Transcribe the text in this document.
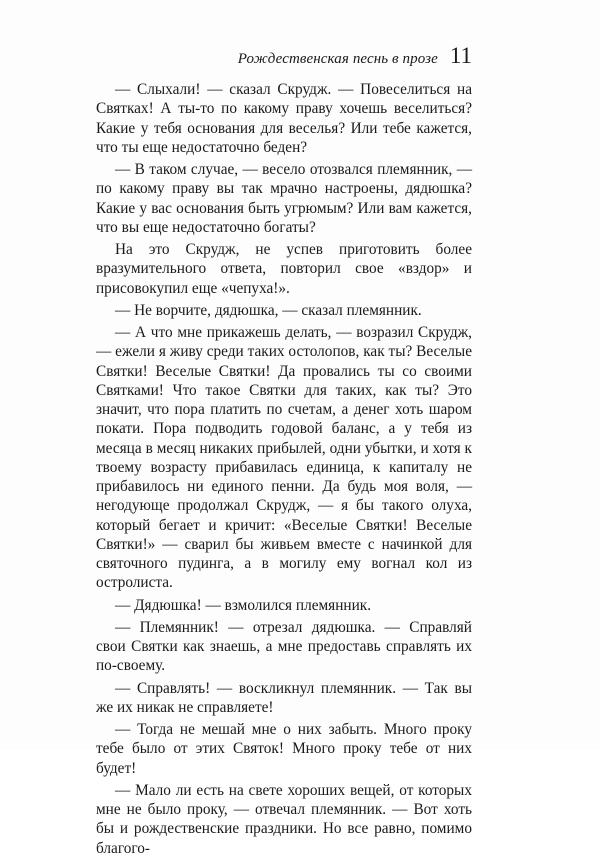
Рождественская песнь в прозе 11

— Слыхали! — сказал Скрудж. — Повеселиться на Святках! А ты-то по какому праву хочешь веселиться? Какие у тебя основания для веселья? Или тебе кажется, что ты еще недостаточно беден?

— В таком случае, — весело отозвался племянник, — по какому праву вы так мрачно настроены, дядюшка? Какие у вас основания быть угрюмым? Или вам кажется, что вы еще недостаточно богаты?

На это Скрудж, не успев приготовить более вразумительного ответа, повторил свое «вздор» и присовокупил еще «чепуха!».

— Не ворчите, дядюшка, — сказал племянник.

— А что мне прикажешь делать, — возразил Скрудж, — ежели я живу среди таких остолопов, как ты? Веселые Святки! Веселые Святки! Да провались ты со своими Святками! Что такое Святки для таких, как ты? Это значит, что пора платить по счетам, а денег хоть шаром покати. Пора подводить годовой баланс, а у тебя из месяца в месяц никаких прибылей, одни убытки, и хотя к твоему возрасту прибавилась единица, к капиталу не прибавилось ни единого пенни. Да будь моя воля, — негодующе продолжал Скрудж, — я бы такого олуха, который бегает и кричит: «Веселые Святки! Веселые Святки!» — сварил бы живьем вместе с начинкой для святочного пудинга, а в могилу ему вогнал кол из остролиста.

— Дядюшка! — взмолился племянник.

— Племянник! — отрезал дядюшка. — Справляй свои Святки как знаешь, а мне предоставь справлять их по-своему.

— Справлять! — воскликнул племянник. — Так вы же их никак не справляете!

— Тогда не мешай мне о них забыть. Много проку тебе было от этих Святок! Много проку тебе от них будет!

— Мало ли есть на свете хороших вещей, от которых мне не было проку, — отвечал племянник. — Вот хоть бы и рождественские праздники. Но все равно, помимо благого-
